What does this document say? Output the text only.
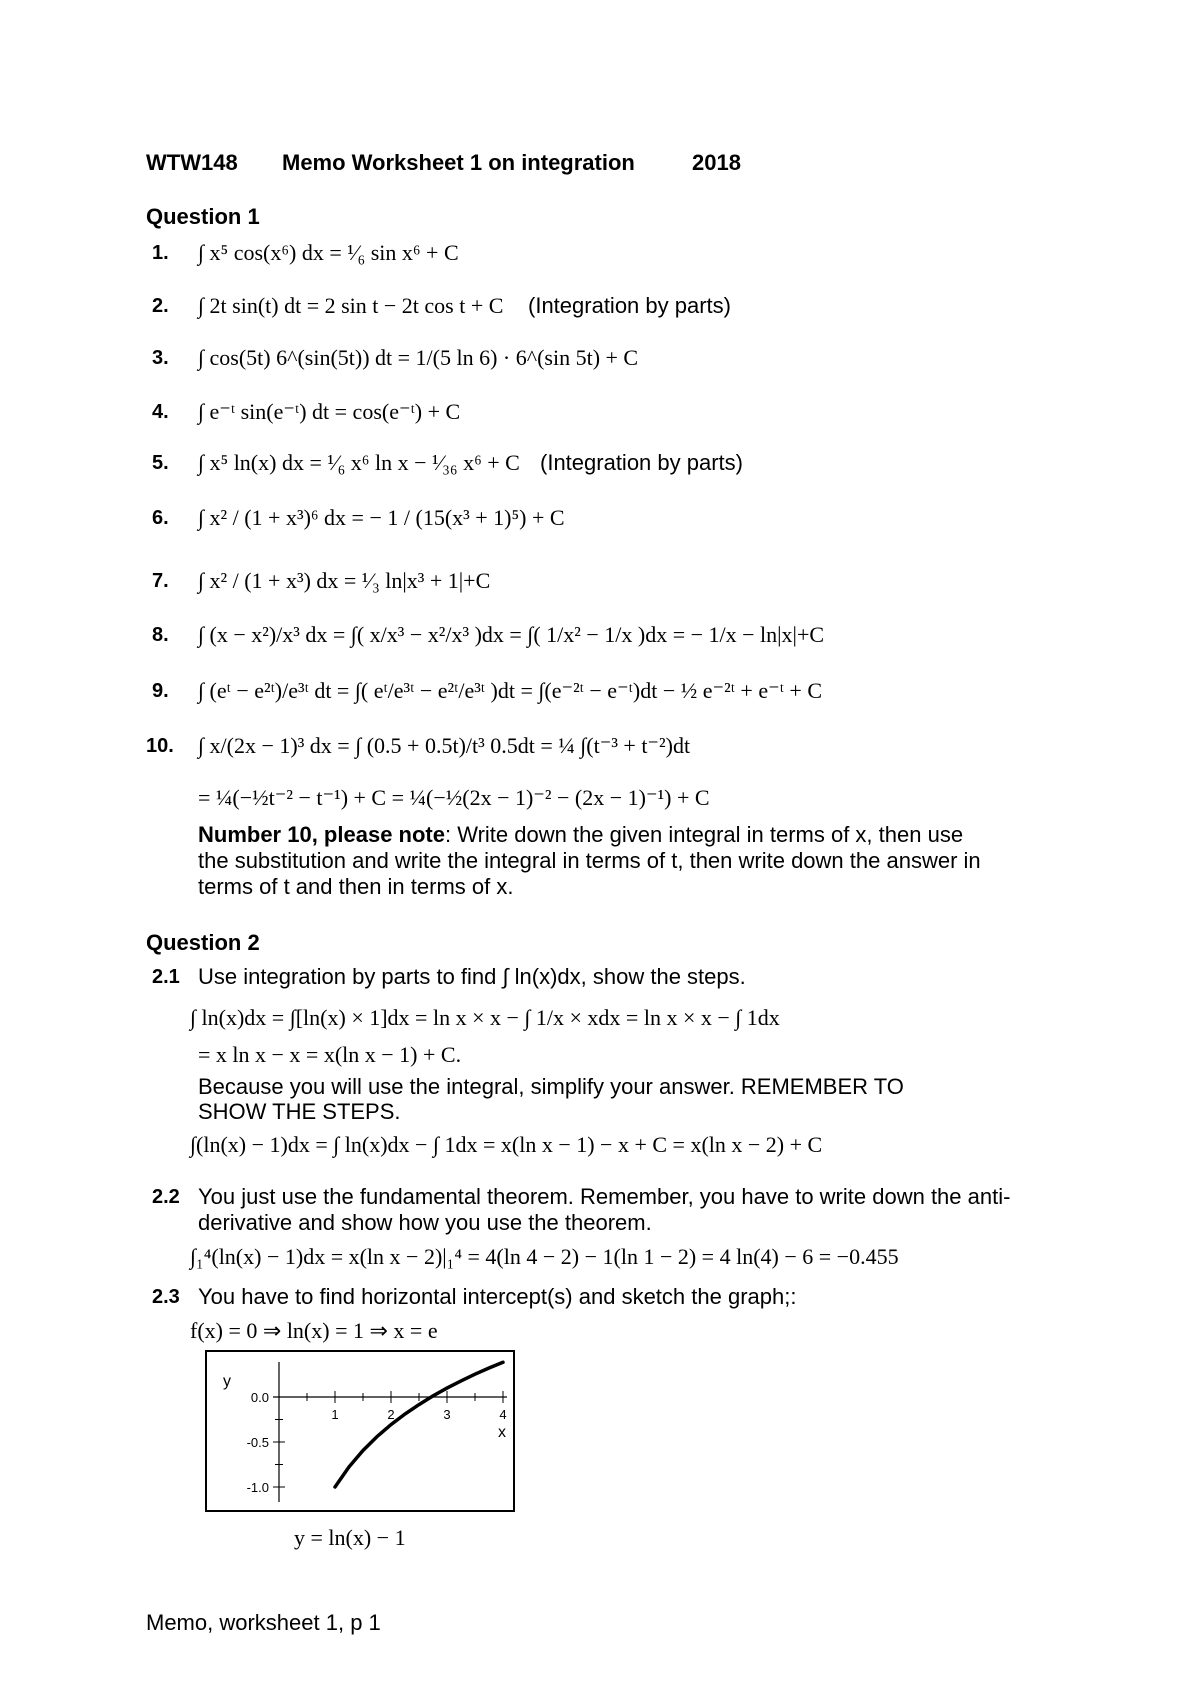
WTW148 Memo Worksheet 1 on integration	2018
Question 1
1. ∫ x⁵ cos(x⁶) dx = ¹⁄₆ sin x⁶ + C
2. ∫ 2t sin(t) dt = 2 sin t − 2t cos t + C (Integration by parts)
3. ∫ cos(5t) 6^(sin(5t)) dt = 1/(5 ln 6) · 6^(sin 5t) + C
4. ∫ e⁻ᵗ sin(e⁻ᵗ) dt = cos(e⁻ᵗ) + C
5. ∫ x⁵ ln(x) dx = ¹⁄₆ x⁶ ln x − ¹⁄₃₆ x⁶ + C (Integration by parts)
6. ∫ x² / (1 + x³)⁶ dx = − 1 / (15(x³ + 1)⁵) + C
7. ∫ x² / (1 + x³) dx = ¹⁄₃ ln|x³ + 1|+C
8. ∫ (x − x²)/x³ dx = ∫( x/x³ − x²/x³ )dx = ∫( 1/x² − 1/x )dx = − 1/x − ln|x|+C
9. ∫ (eᵗ − e²ᵗ)/e³ᵗ dt = ∫( eᵗ/e³ᵗ − e²ᵗ/e³ᵗ )dt = ∫(e⁻²ᵗ − e⁻ᵗ)dt − ½ e⁻²ᵗ + e⁻ᵗ + C
10. ∫ x/(2x − 1)³ dx = ∫ (0.5 + 0.5t)/t³ 0.5dt = ¼ ∫(t⁻³ + t⁻²)dt
= ¼(−½t⁻² − t⁻¹) + C = ¼(−½(2x − 1)⁻² − (2x − 1)⁻¹) + C
Number 10, please note: Write down the given integral in terms of x, then use the substitution and write the integral in terms of t, then write down the answer in terms of t and then in terms of x.
Question 2
2.1 Use integration by parts to find ∫ ln(x)dx, show the steps.
∫ ln(x)dx = ∫[ln(x) × 1]dx = ln x × x − ∫ 1/x × xdx = ln x × x − ∫ 1dx
= x ln x − x = x(ln x − 1) + C.
Because you will use the integral, simplify your answer. REMEMBER TO SHOW THE STEPS.
∫(ln(x) − 1)dx = ∫ ln(x)dx − ∫ 1dx = x(ln x − 1) − x + C = x(ln x − 2) + C
2.2 You just use the fundamental theorem. Remember, you have to write down the anti-derivative and show how you use the theorem.
∫₁⁴(ln(x) − 1)dx = x(ln x − 2)|₁⁴ = 4(ln 4 − 2) − 1(ln 1 − 2) = 4 ln(4) − 6 = −0.455
2.3 You have to find horizontal intercept(s) and sketch the graph;:
f(x) = 0 ⇒ ln(x) = 1 ⇒ x = e
1	2	3	4
0.0
-0.5
-1.0
y
x
y = ln(x) − 1
Memo, worksheet 1, p 1
